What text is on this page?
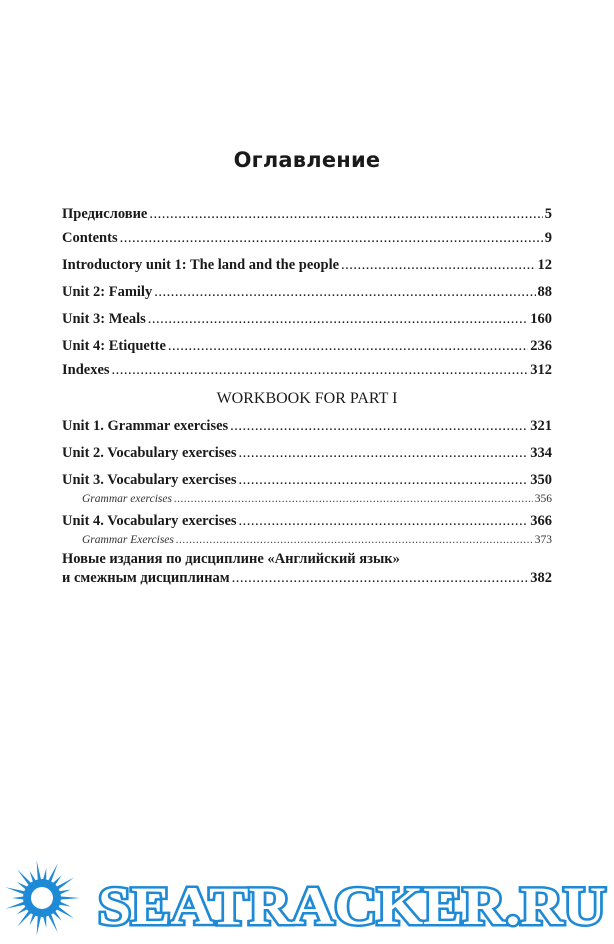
Оглавление
Предисловие .....	5
Contents .....	9
Introductory unit 1: The land and the people .....	12
Unit 2: Family .....	88
Unit 3: Meals .....	160
Unit 4: Etiquette .....	236
Indexes .....	312
WORKBOOK FOR PART I
Unit 1. Grammar exercises .....	321
Unit 2. Vocabulary exercises .....	334
Unit 3. Vocabulary exercises .....	350
Grammar exercises .....	356
Unit 4. Vocabulary exercises .....	366
Grammar Exercises .....	373
Новые издания по дисциплине «Английский язык»
и смежным дисциплинам .....	382
SEATRACKER.RU
